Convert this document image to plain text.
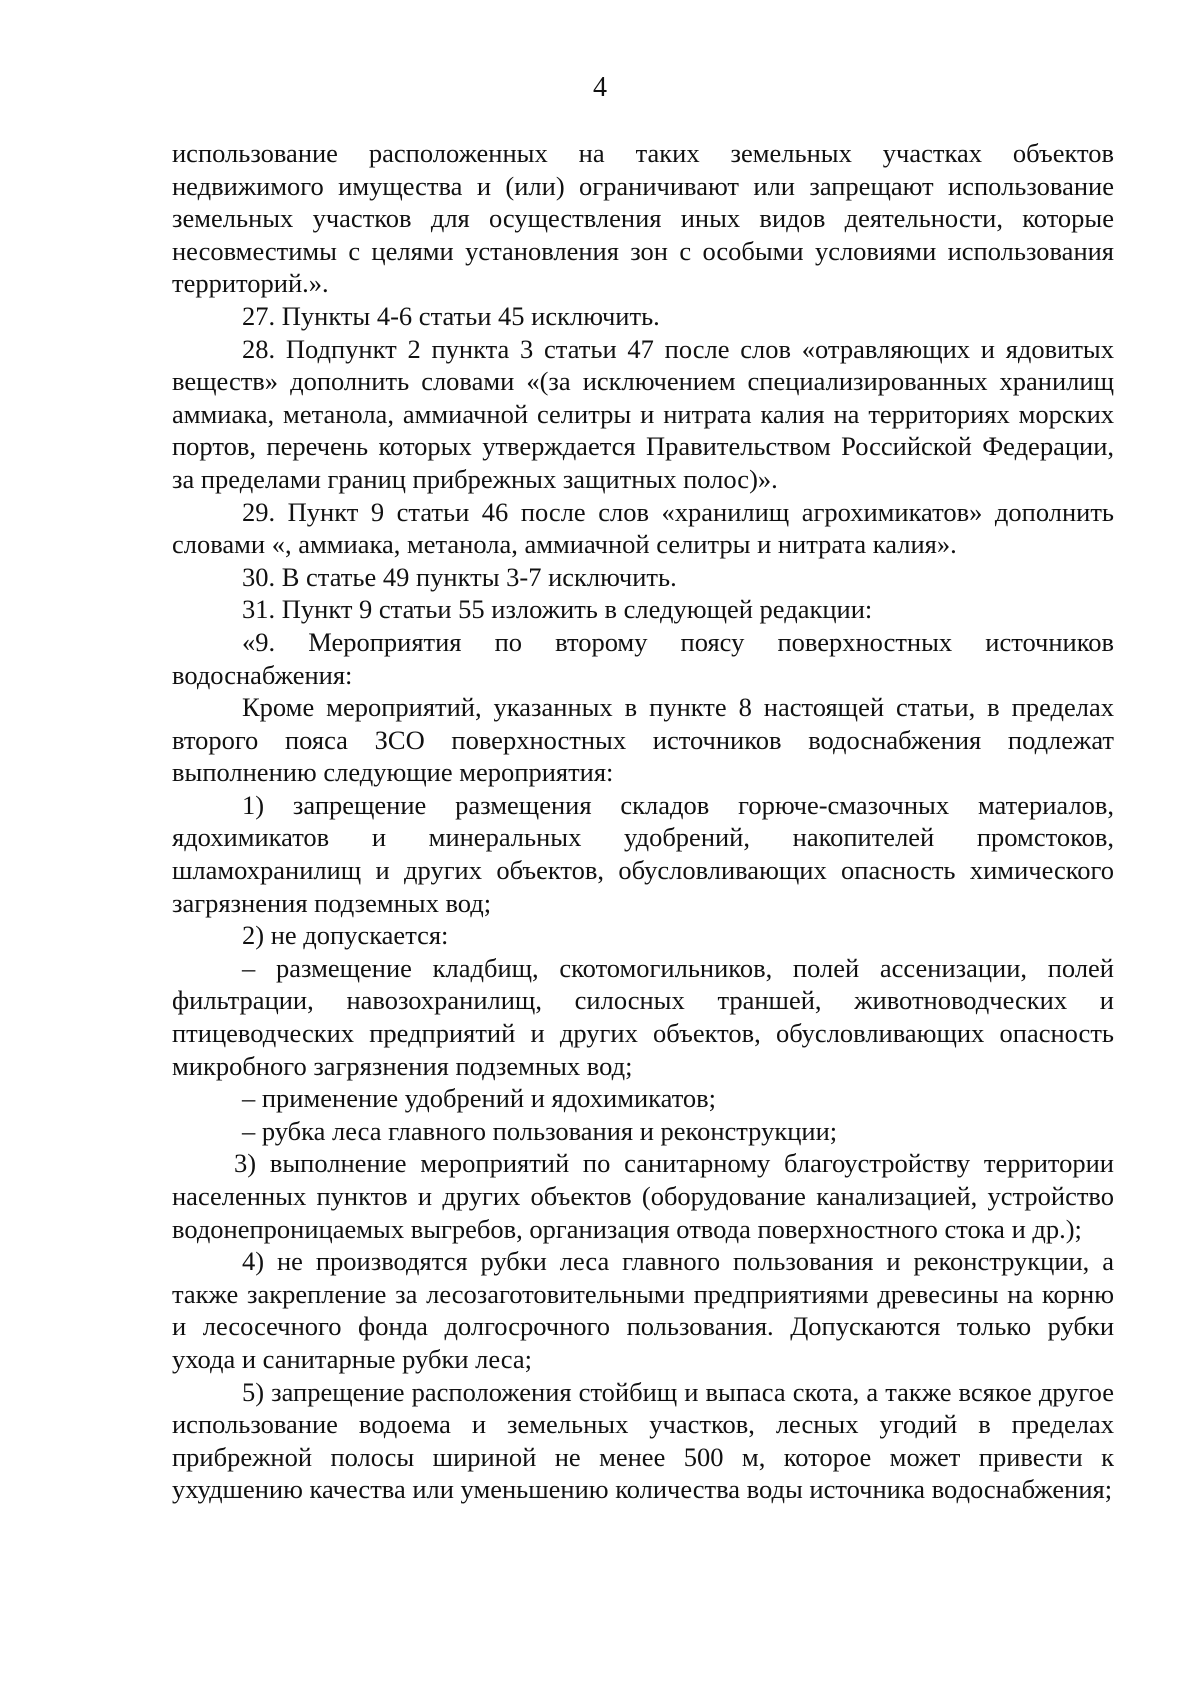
4

использование расположенных на таких земельных участках объектов недвижимого имущества и (или) ограничивают или запрещают использование земельных участков для осуществления иных видов деятельности, которые несовместимы с целями установления зон с особыми условиями использования территорий.».

27. Пункты 4-6 статьи 45 исключить.

28. Подпункт 2 пункта 3 статьи 47 после слов «отравляющих и ядовитых веществ» дополнить словами «(за исключением специализированных хранилищ аммиака, метанола, аммиачной селитры и нитрата калия на территориях морских портов, перечень которых утверждается Правительством Российской Федерации, за пределами границ прибрежных защитных полос)».

29. Пункт 9 статьи 46 после слов «хранилищ агрохимикатов» дополнить словами «, аммиака, метанола, аммиачной селитры и нитрата калия».

30. В статье 49 пункты 3-7 исключить.

31. Пункт 9 статьи 55 изложить в следующей редакции:

«9. Мероприятия по второму поясу поверхностных источников водоснабжения:

Кроме мероприятий, указанных в пункте 8 настоящей статьи, в пределах второго пояса ЗСО поверхностных источников водоснабжения подлежат выполнению следующие мероприятия:

1) запрещение размещения складов горюче-смазочных материалов, ядохимикатов и минеральных удобрений, накопителей промстоков, шламохранилищ и других объектов, обусловливающих опасность химического загрязнения подземных вод;

2) не допускается:

– размещение кладбищ, скотомогильников, полей ассенизации, полей фильтрации, навозохранилищ, силосных траншей, животноводческих и птицеводческих предприятий и других объектов, обусловливающих опасность микробного загрязнения подземных вод;

– применение удобрений и ядохимикатов;

– рубка леса главного пользования и реконструкции;

3) выполнение мероприятий по санитарному благоустройству территории населенных пунктов и других объектов (оборудование канализацией, устройство водонепроницаемых выгребов, организация отвода поверхностного стока и др.);

4) не производятся рубки леса главного пользования и реконструкции, а также закрепление за лесозаготовительными предприятиями древесины на корню и лесосечного фонда долгосрочного пользования. Допускаются только рубки ухода и санитарные рубки леса;

5) запрещение расположения стойбищ и выпаса скота, а также всякое другое использование водоема и земельных участков, лесных угодий в пределах прибрежной полосы шириной не менее 500 м, которое может привести к ухудшению качества или уменьшению количества воды источника водоснабжения;
